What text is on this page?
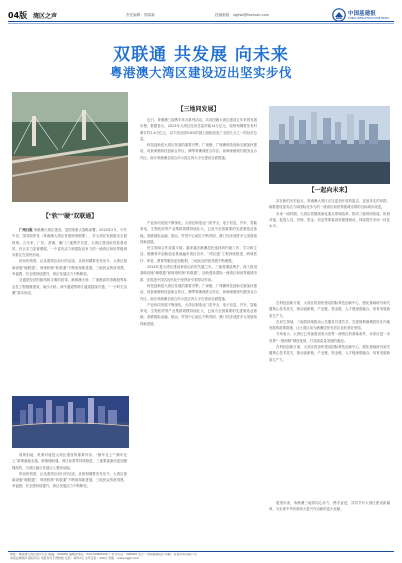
04版 湾区之声	责任编辑：郭鸿新	投稿邮箱：zgjfsb@foxmail.com	中国基建报
CHINA INFRASTRUCTURE NEWS
双联通 共发展 向未来
粤港澳大湾区建设迈出坚实步伐
【"软""硬"双联通】
【三地同发展】
【一起向未来】

广州日报 粤港澳大湾区建设，是国家重大战略部署。2019年2月，中共中央、国务院印发《粤港澳大湾区发展规划纲要》，对大湾区发展做出全面规划。五年来，广东、香港、澳门三地携手共进，大湾区建设取得显著成效，综合实力显著增强，一个富有活力和国际竞争力的一流湾区和世界级城市群正在加快形成。

时间的刻度，记录着湾区前行的足迹。从规划纲要发布至今，大湾区基础设施“硬联通”、规则机制“软联通”不断取得新进展，三地民众的获得感、幸福感、安全感持续提升，湾区发展活力不断释放。

交通是经济的脉络和文明的纽带。港珠澳大桥、广深港高铁香港段等标志性工程相继建成，南沙大桥、深中通道等跨江通道陆续开通，“一小时生活圈”基本形成。

规则衔接、机制对接是大湾区建设的重要内容。“港车北上”“澳车北上”政策落地实施，跨境理财通、湾区标准等持续推进，三地要素流动更加便捷高效，为湾区融合发展注入强劲动能。

时间的刻度，记录着湾区前行的足迹。从规划纲要发布至今，大湾区基础设施“硬联通”、规则机制“软联通”不断取得新进展，三地民众的获得感、幸福感、安全感持续提升，湾区发展活力不断释放。

近日，粤港澳三地携手举办系列活动，共同回顾大湾区建设五年来的发展历程。数据显示，2023年大湾区经济总量突破14万亿元，较规划纲要发布时增长约2.4万亿元，以不到全国0.6%的国土面积创造了全国九分之一的经济总量。

科技创新是大湾区发展的重要引擎。广深港、广珠澳科技创新走廊加快建设，河套深港科技创新合作区、横琴粤澳深度合作区、前海深港现代服务业合作区、南沙粤港澳全面合作示范区四大平台建设全面提速。

产业协同发展不断深化。大湾区制造业门类齐全，电子信息、汽车、智能家电、生物医药等产业集群规模持续壮大，已成为全国重要的先进制造业基地。香港国际金融、航运、贸易中心地位不断巩固，澳门经济适度多元发展取得新进展。

民生领域合作成果丰硕。越来越多港澳居民选择到内地工作、学习和生活，港澳青年创新创业基地遍布湾区各市，“湾区通”工程持续推进，跨境医疗、养老、教育等服务更加便利，三地民众的获得感不断增强。

2024年是大湾区建设承前启后的关键之年。三地将继续携手，深入推进基础设施“硬联通”和规则机制“软联通”，加快建设国际一流湾区和世界级城市群，在推进中国式现代化中发挥好引领带动作用。

科技创新是大湾区发展的重要引擎。广深港、广珠澳科技创新走廊加快建设，河套深港科技创新合作区、横琴粤澳深度合作区、前海深港现代服务业合作区、南沙粤港澳全面合作示范区四大平台建设全面提速。

产业协同发展不断深化。大湾区制造业门类齐全，电子信息、汽车、智能家电、生物医药等产业集群规模持续壮大，已成为全国重要的先进制造业基地。香港国际金融、航运、贸易中心地位不断巩固，澳门经济适度多元发展取得新进展。

站在新的历史起点，粤港澳大湾区正以更加开放的姿态、更加务实的举措，朝着建设富有活力和国际竞争力的一流湾区和世界级城市群的目标阔步前进。

未来一段时期，大湾区将继续深化重点领域改革，推动三地规则衔接、机制对接，促进人员、货物、资金、信息等要素高效便捷流动，持续提升市场一体化水平。

在科技创新方面，大湾区将加快建设国际科技创新中心，强化基础研究和关键核心技术攻关，推动创新链、产业链、资金链、人才链深度融合，培育发展新质生产力。

在民生领域，三地将持续推动公共服务共建共享，完善便利港澳居民在内地发展的政策措施，让大湾区成为港澳居民安居乐业的美好家园。

专家表示，大湾区已具备建设成为世界一流湾区的基础条件，未来应进一步发挥“一国两制”制度优势，打造高质量发展的典范。

在科技创新方面，大湾区将加快建设国际科技创新中心，强化基础研究和关键核心技术攻关，推动创新链、产业链、资金链、人才链深度融合，培育发展新质生产力。

展望未来，粤港澳三地将同心协力、携手奋进，共同书写大湾区建设新篇章，为实现中华民族伟大复兴作出新的更大贡献。

地址：粤港澳大湾区建设专栏 邮编：000000 编辑部电话：010-00000000 广告许可证：000000 发行：中国基建报社 印刷：某某印务有限公司
本报法律顾问 版权所有 未经许可不得转载 定价：每份2元 全年定价：240元 网址：www.zgjjb.com
